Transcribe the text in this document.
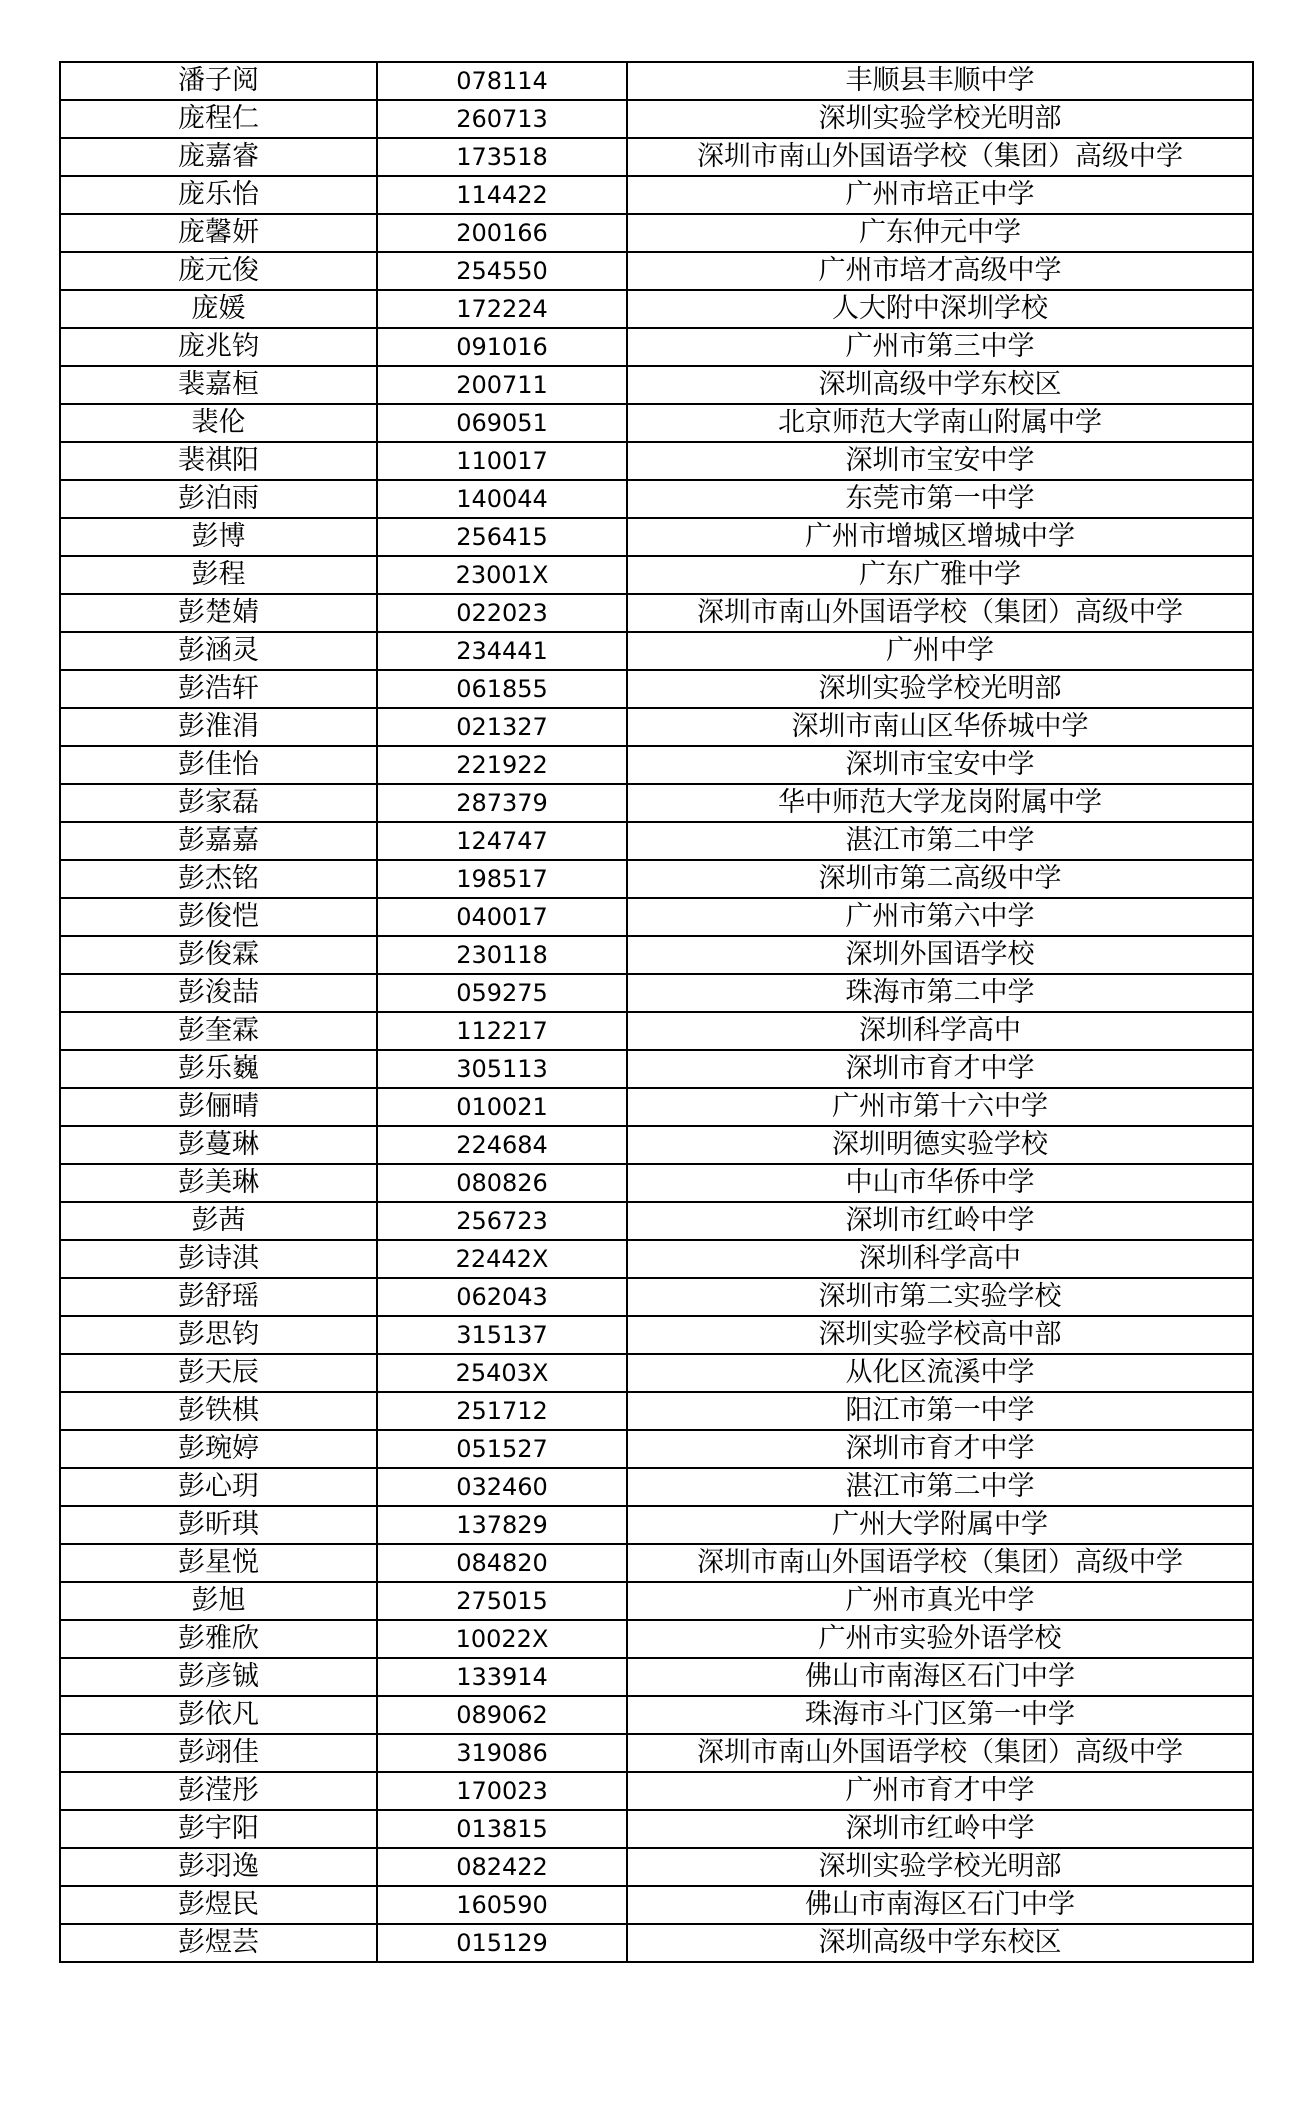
潘子阅	078114	丰顺县丰顺中学
庞程仁	260713	深圳实验学校光明部
庞嘉睿	173518	深圳市南山外国语学校（集团）高级中学
庞乐怡	114422	广州市培正中学
庞馨妍	200166	广东仲元中学
庞元俊	254550	广州市培才高级中学
庞媛	172224	人大附中深圳学校
庞兆钧	091016	广州市第三中学
裴嘉桓	200711	深圳高级中学东校区
裴伦	069051	北京师范大学南山附属中学
裴祺阳	110017	深圳市宝安中学
彭泊雨	140044	东莞市第一中学
彭博	256415	广州市增城区增城中学
彭程	23001X	广东广雅中学
彭楚婧	022023	深圳市南山外国语学校（集团）高级中学
彭涵灵	234441	广州中学
彭浩轩	061855	深圳实验学校光明部
彭淮涓	021327	深圳市南山区华侨城中学
彭佳怡	221922	深圳市宝安中学
彭家磊	287379	华中师范大学龙岗附属中学
彭嘉嘉	124747	湛江市第二中学
彭杰铭	198517	深圳市第二高级中学
彭俊恺	040017	广州市第六中学
彭俊霖	230118	深圳外国语学校
彭浚喆	059275	珠海市第二中学
彭奎霖	112217	深圳科学高中
彭乐巍	305113	深圳市育才中学
彭俪晴	010021	广州市第十六中学
彭蔓琳	224684	深圳明德实验学校
彭美琳	080826	中山市华侨中学
彭茜	256723	深圳市红岭中学
彭诗淇	22442X	深圳科学高中
彭舒瑶	062043	深圳市第二实验学校
彭思钧	315137	深圳实验学校高中部
彭天辰	25403X	从化区流溪中学
彭铁棋	251712	阳江市第一中学
彭琬婷	051527	深圳市育才中学
彭心玥	032460	湛江市第二中学
彭昕琪	137829	广州大学附属中学
彭星悦	084820	深圳市南山外国语学校（集团）高级中学
彭旭	275015	广州市真光中学
彭雅欣	10022X	广州市实验外语学校
彭彦铖	133914	佛山市南海区石门中学
彭依凡	089062	珠海市斗门区第一中学
彭翊佳	319086	深圳市南山外国语学校（集团）高级中学
彭滢彤	170023	广州市育才中学
彭宇阳	013815	深圳市红岭中学
彭羽逸	082422	深圳实验学校光明部
彭煜民	160590	佛山市南海区石门中学
彭煜芸	015129	深圳高级中学东校区
